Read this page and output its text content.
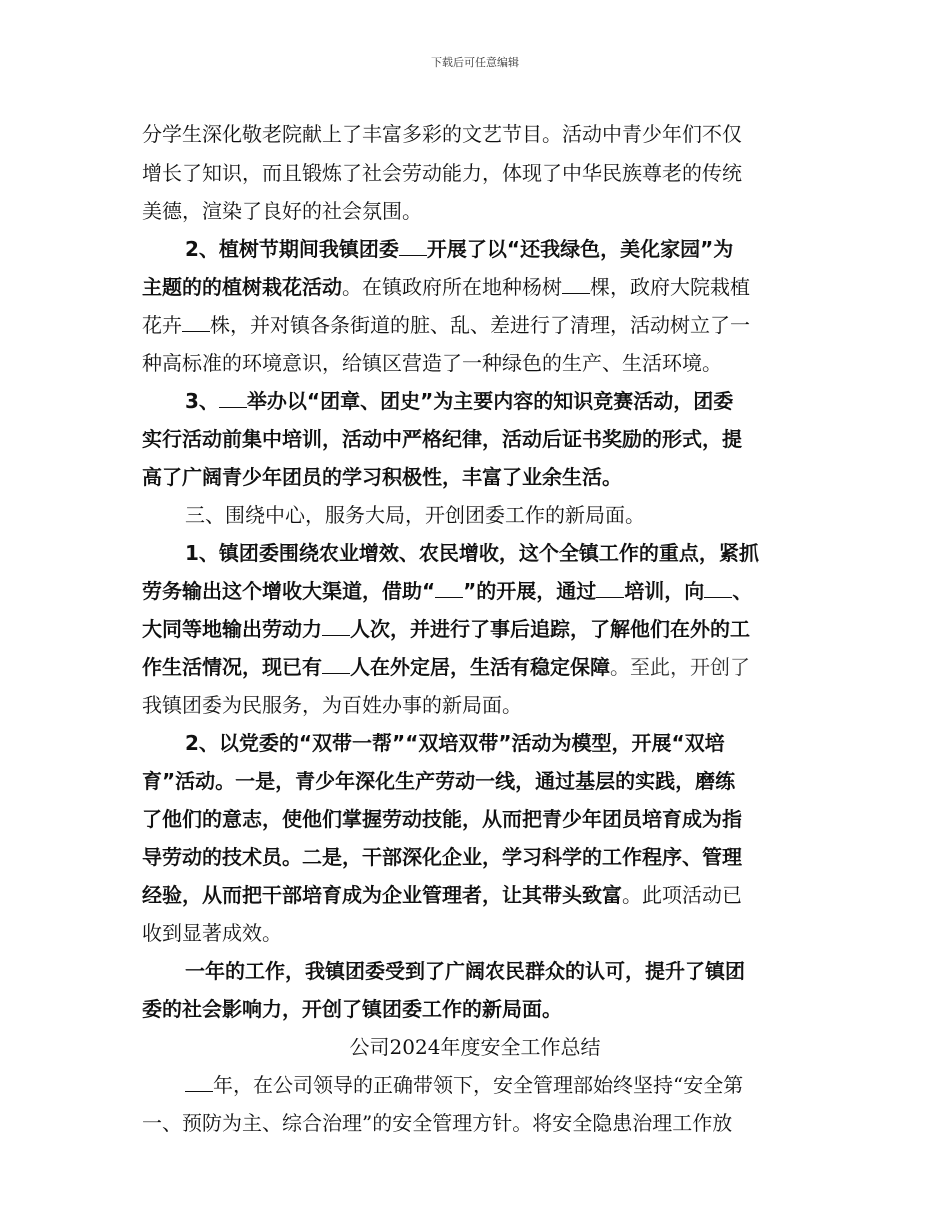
下载后可任意编辑
分学生深化敬老院献上了丰富多彩的文艺节目。活动中青少年们不仅
增长了知识，而且锻炼了社会劳动能力，体现了中华民族尊老的传统
美德，渲染了良好的社会氛围。
2、植树节期间我镇团委 开展了以“还我绿色，美化家园”为
主题的的植树栽花活动。在镇政府所在地种杨树 棵，政府大院栽植
花卉 株，并对镇各条街道的脏、乱、差进行了清理，活动树立了一
种高标准的环境意识，给镇区营造了一种绿色的生产、生活环境。
3、 举办以“团章、团史”为主要内容的知识竞赛活动，团委
实行活动前集中培训，活动中严格纪律，活动后证书奖励的形式，提
高了广阔青少年团员的学习积极性，丰富了业余生活。
三、围绕中心，服务大局，开创团委工作的新局面。
1、镇团委围绕农业增效、农民增收，这个全镇工作的重点，紧抓
劳务输出这个增收大渠道，借助“ ”的开展，通过 培训，向 、
大同等地输出劳动力 人次，并进行了事后追踪，了解他们在外的工
作生活情况，现已有 人在外定居，生活有稳定保障。至此，开创了
我镇团委为民服务，为百姓办事的新局面。
2、以党委的“双带一帮”“双培双带”活动为模型，开展“双培
育”活动。一是，青少年深化生产劳动一线，通过基层的实践，磨练
了他们的意志，使他们掌握劳动技能，从而把青少年团员培育成为指
导劳动的技术员。二是，干部深化企业，学习科学的工作程序、管理
经验，从而把干部培育成为企业管理者，让其带头致富。此项活动已
收到显著成效。
一年的工作，我镇团委受到了广阔农民群众的认可，提升了镇团
委的社会影响力，开创了镇团委工作的新局面。
公司2024年度安全工作总结
年，在公司领导的正确带领下，安全管理部始终坚持“安全第
一、预防为主、综合治理”的安全管理方针。将安全隐患治理工作放
